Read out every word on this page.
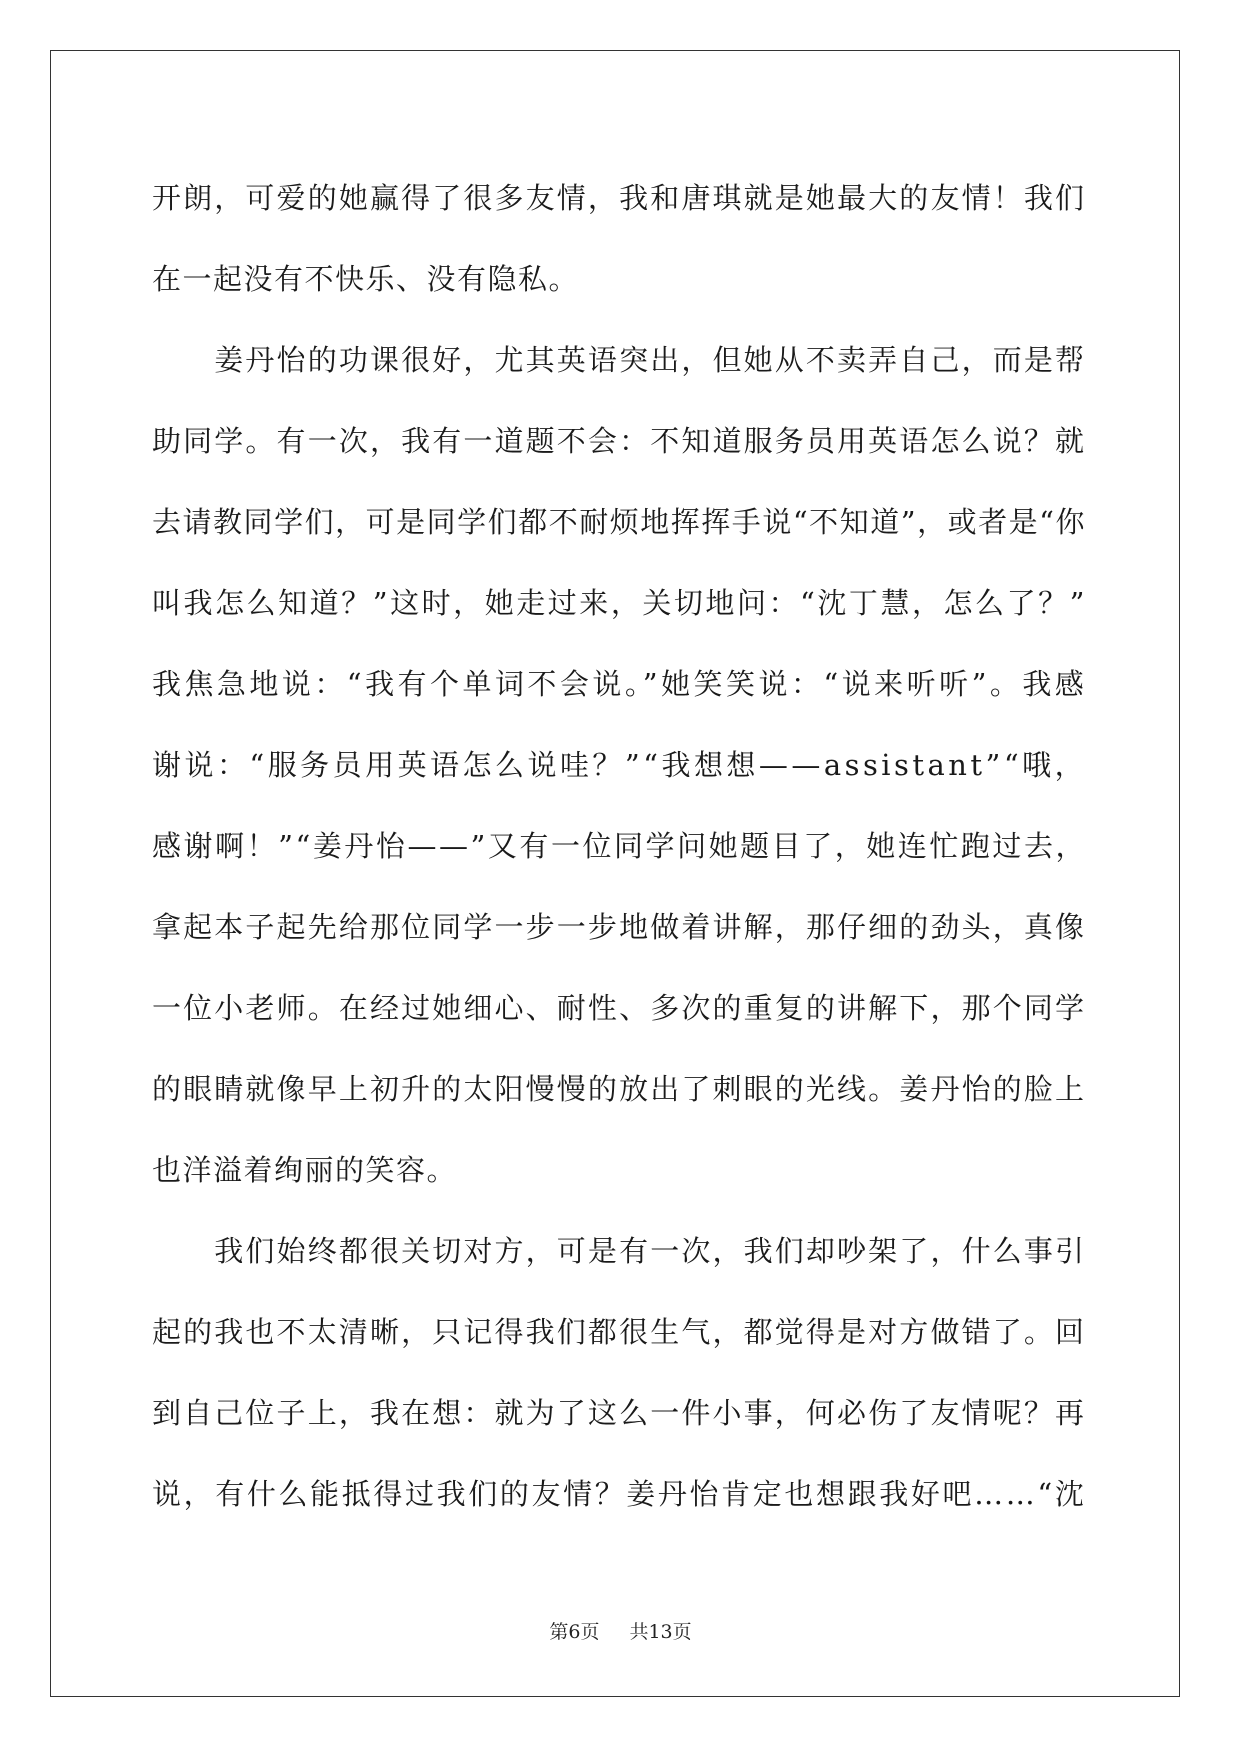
开朗，可爱的她赢得了很多友情，我和唐琪就是她最大的友情！我们
在一起没有不快乐、没有隐私。
　　姜丹怡的功课很好，尤其英语突出，但她从不卖弄自己，而是帮
助同学。有一次，我有一道题不会：不知道服务员用英语怎么说？就
去请教同学们，可是同学们都不耐烦地挥挥手说“不知道”，或者是“你
叫我怎么知道？”这时，她走过来，关切地问：“沈丁慧，怎么了？”
我焦急地说：“我有个单词不会说。”她笑笑说：“说来听听”。我感
谢说：“服务员用英语怎么说哇？”“我想想——assistant”“哦，
感谢啊！”“姜丹怡——”又有一位同学问她题目了，她连忙跑过去，
拿起本子起先给那位同学一步一步地做着讲解，那仔细的劲头，真像
一位小老师。在经过她细心、耐性、多次的重复的讲解下，那个同学
的眼睛就像早上初升的太阳慢慢的放出了刺眼的光线。姜丹怡的脸上
也洋溢着绚丽的笑容。
　　我们始终都很关切对方，可是有一次，我们却吵架了，什么事引
起的我也不太清晰，只记得我们都很生气，都觉得是对方做错了。回
到自己位子上，我在想：就为了这么一件小事，何必伤了友情呢？再
说，有什么能抵得过我们的友情？姜丹怡肯定也想跟我好吧……“沈
第6页 共13页
